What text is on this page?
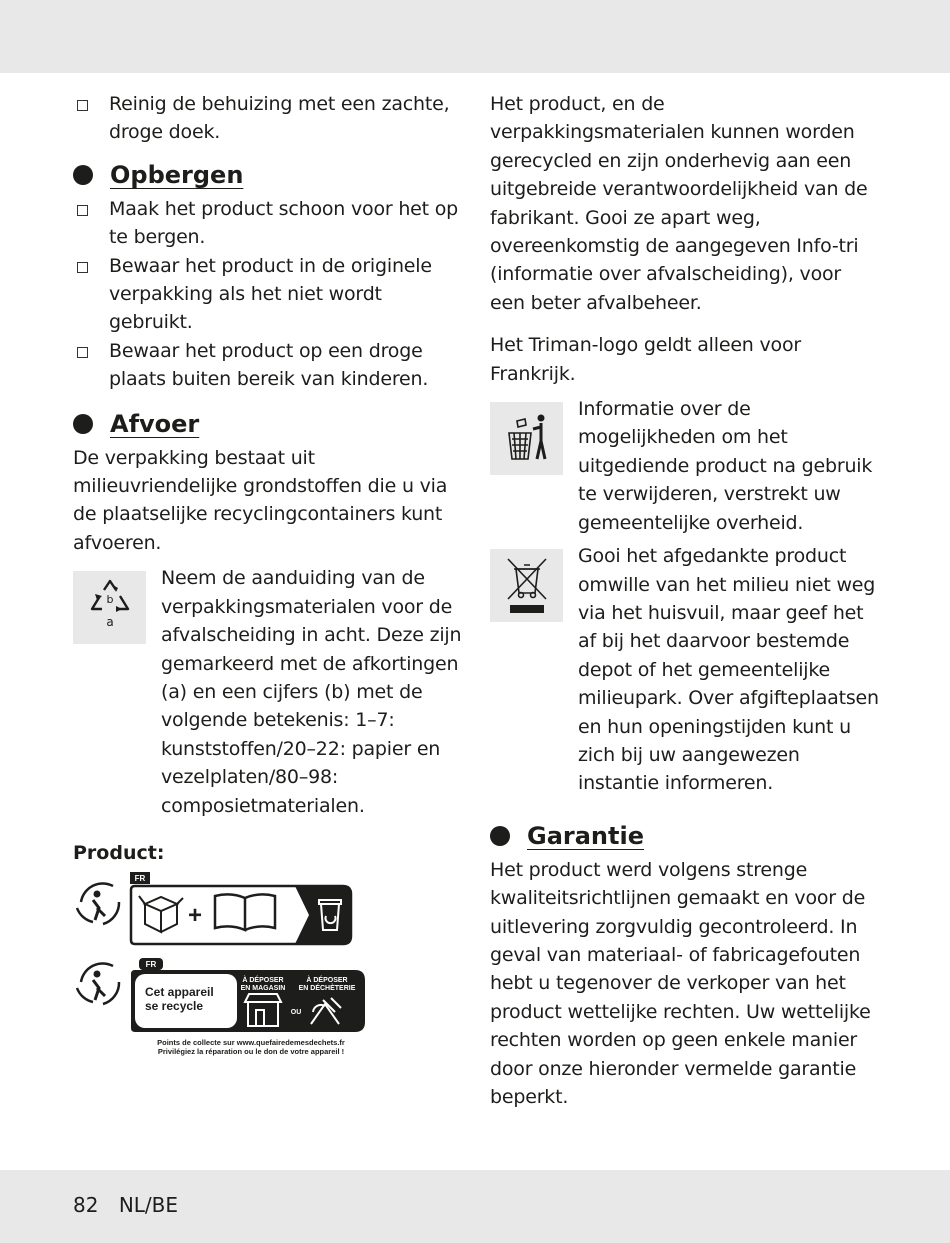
Reinig de behuizing met een zachte, droge doek.
Opbergen
Maak het product schoon voor het op te bergen.
Bewaar het product in de originele verpakking als het niet wordt gebruikt.
Bewaar het product op een droge plaats buiten bereik van kinderen.
Afvoer

De verpakking bestaat uit milieuvriendelijke grondstoffen die u via de plaatselijke recyclingcontainers kunt afvoeren.

b
a

Neem de aanduiding van de verpakkingsmaterialen voor de afvalscheiding in acht. Deze zijn gemarkeerd met de afkortingen (a) en een cijfers (b) met de volgende betekenis: 1–7: kunststoffen/20–22: papier en vezelplaten/80–98: composietmaterialen.

Product:
FR
+
FR
Cet appareil
se recycle
À DÉPOSER
EN MAGASIN
À DÉPOSER
EN DÉCHÈTERIE
OU
Points de collecte sur www.quefairedemesdechets.fr
Privilégiez la réparation ou le don de votre appareil !

Het product, en de verpakkingsmaterialen kunnen worden gerecycled en zijn onderhevig aan een uitgebreide verantwoordelijkheid van de fabrikant. Gooi ze apart weg, overeenkomstig de aangegeven Info-tri (informatie over afvalscheiding), voor een beter afvalbeheer.

Het Triman-logo geldt alleen voor Frankrijk.

Informatie over de mogelijkheden om het uitgediende product na gebruik te verwijderen, verstrekt uw gemeentelijke overheid.

Gooi het afgedankte product omwille van het milieu niet weg via het huisvuil, maar geef het af bij het daarvoor bestemde depot of het gemeentelijke milieupark. Over afgifteplaatsen en hun openingstijden kunt u zich bij uw aangewezen instantie informeren.

Garantie

Het product werd volgens strenge kwaliteitsrichtlijnen gemaakt en voor de uitlevering zorgvuldig gecontroleerd. In geval van materiaal- of fabricagefouten hebt u tegenover de verkoper van het product wettelijke rechten. Uw wettelijke rechten worden op geen enkele manier door onze hieronder vermelde garantie beperkt.

82 NL/BE
